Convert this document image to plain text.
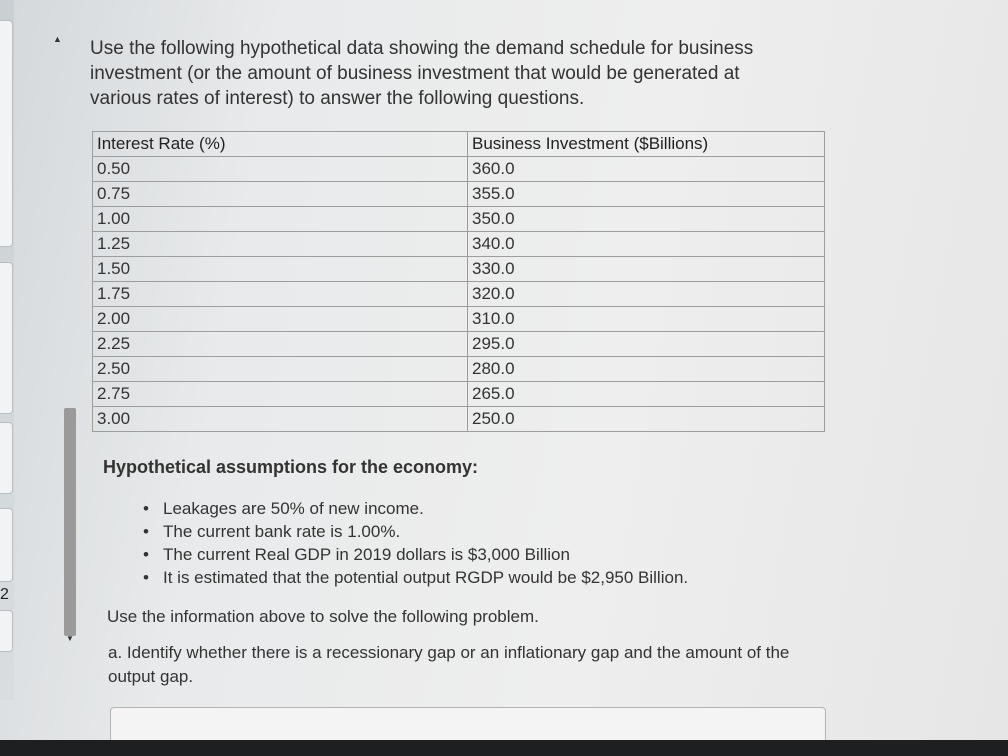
2
▲
▼

Use the following hypothetical data showing the demand schedule for business investment (or the amount of business investment that would be generated at various rates of interest) to answer the following questions.

Interest Rate (%)	Business Investment ($Billions)
0.50	360.0
0.75	355.0
1.00	350.0
1.25	340.0
1.50	330.0
1.75	320.0
2.00	310.0
2.25	295.0
2.50	280.0
2.75	265.0
3.00	250.0

Hypothetical assumptions for the economy:

• Leakages are 50% of new income.
• The current bank rate is 1.00%.
• The current Real GDP in 2019 dollars is $3,000 Billion
• It is estimated that the potential output RGDP would be $2,950 Billion.

Use the information above to solve the following problem.

a. Identify whether there is a recessionary gap or an inflationary gap and the amount of the output gap.
